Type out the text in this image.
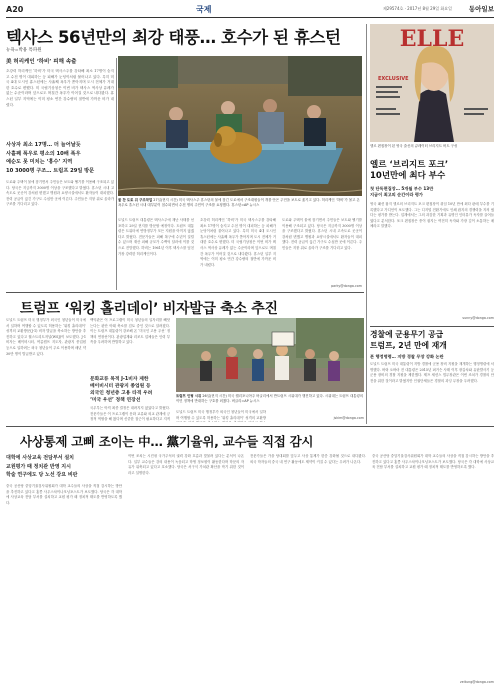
A20	국제	제29574호 · 2017년 8월 29일 화요일	동아일보
텍사스 56년만의 최강 태풍… 호수가 된 휴스턴
뉴욕=박용 특파원
美 허리케인 ‘하비’ 피해 속출
초강력 허리케인 ‘하비’가 미국 텍사스주를 강타해 최소 17명이 숨지고 수천 명이 대피하는 등 피해가 눈덩이처럼 불어나고 있다. 특히 미국 4대 도시인 휴스턴에는 사흘째 폭우가 쏟아지며 도시 전체가 거대한 호수로 변했다. 미 국립기상청은 이번 비가 텍사스 역사상 유례가 없는 수준이라며 앞으로도 며칠간 폭우가 이어질 것으로 내다봤다. 휴스턴 일부 지역에는 이미 평소 연간 강수량의 절반에 가까운 비가 내렸다.
사상자 최소 17명… 더 늘어날듯
사흘째 폭우로 평소의 10배 폭우
예순도 못 미치는 ‘홍수’ 지역
10 3000명 구조… 트럼프 29일 방문
도로와 주택이 물에 잠기면서 주민들은 보트와 헬기를 이용해 구조되고 있다. 당국은 지금까지 3000명 이상을 구조했다고 밝혔다. 휴스턴 시내 고속도로 곳곳이 강처럼 변했고 병원과 요양시설에서도 환자들이 대피했다. 전력 공급이 끊긴 가구도 수십만 곳에 이른다. 주민들은 지붕 위로 올라가 구조를 기다리고 있다.
물 찬 도로 위 구조작업 27일(현지 시간) 미국 텍사스주 휴스턴의 물에 잠긴 도로에서 구조대원들이 개를 안은 주민을 보트로 옮기고 있다. 허리케인 ‘하비’가 몰고 온 폭우로 휴스턴 시내 대부분이 침수되면서 수천 명의 주민이 구조를 요청했다. 휴스턴=AP 뉴시스
도널드 트럼프 대통령은 텍사스주에 재난 사태를 선포하고 29일 현지를 방문할 예정이다. 트럼프 대통령은 트위터에 연방정부가 모든 지원을 아끼지 않겠다고 밝혔다. 전문가들은 피해 복구에 수년이 걸릴 수 있으며 재산 피해 규모가 수백억 달러에 이를 것으로 전망했다. 하비는 1961년 이후 텍사스를 덮친 가장 강력한 허리케인이다.
초강력 허리케인 ‘하비’가 미국 텍사스주를 강타해 최소 17명이 숨지고 수천 명이 대피하는 등 피해가 눈덩이처럼 불어나고 있다. 특히 미국 4대 도시인 휴스턴에는 사흘째 폭우가 쏟아지며 도시 전체가 거대한 호수로 변했다. 미 국립기상청은 이번 비가 텍사스 역사상 유례가 없는 수준이라며 앞으로도 며칠간 폭우가 이어질 것으로 내다봤다. 휴스턴 일부 지역에는 이미 평소 연간 강수량의 절반에 가까운 비가 내렸다.
도로와 주택이 물에 잠기면서 주민들은 보트와 헬기를 이용해 구조되고 있다. 당국은 지금까지 3000명 이상을 구조했다고 밝혔다. 휴스턴 시내 고속도로 곳곳이 강처럼 변했고 병원과 요양시설에서도 환자들이 대피했다. 전력 공급이 끊긴 가구도 수십만 곳에 이른다. 주민들은 지붕 위로 올라가 구조를 기다리고 있다.
parky@donga.com
ELLE
EXCLUSIVE
엘르 편집장이 된 영국 출신의 큐레이터 브리지트 버트 구성
엘르 ‘브리지트 포크’
10년만에 최다 부수
첫 단독편집장… 5개월 부수 13만
지금이 최고의 순간이라 평가
영국 패션 잡지 엘르의 브리지트 포크 편집장이 취임 10년 만에 최다 판매 부수를 기록했다고 가디언이 보도했다. 그는 디지털 전환기에도 인쇄 잡지의 경쟁력을 지켜 냈다는 평가를 받는다. 업계에서는 그의 과감한 기획과 유명인 인터뷰가 독자를 끌어들였다고 분석한다. 포크 편집장은 종이 잡지는 여전히 독자와 가장 깊이 소통하는 매체라고 말했다.
sunny@donga.com
경찰에 군용무기 공급
트럼프, 2년 만에 재개
폰 행정명령… 지방 경찰 무장 강화 논란
도널드 트럼프 미국 대통령이 지방 경찰에 군용 장비 지원을 재개하는 행정명령에 서명했다. 버락 오바마 전 대통령은 2015년 퍼거슨 사태 이후 장갑차와 유탄발사기 등 군용 장비의 경찰 지원을 제한했다. 제프 세션스 법무장관은 이번 조치가 경찰의 안전을 위한 것이라고 밝혔지만 인권단체들은 경찰의 과잉 무장을 우려했다.
트럼프 ‘워킹 홀리데이’ 비자발급 축소 추진
도널드 트럼프 미국 행정부가 외국인 청년들이 미국에서 일하며 여행할 수 있도록 허용하는 ‘워킹 홀리데이’ 성격의 교환방문(J-1) 비자 발급을 축소하는 방안을 추진하고 있다고 월스트리트저널(WSJ)이 보도했다. J-1 비자는 베이비시터, 여름캠프 지도자, 관광지 종업원 등으로 일하려는 외국 청년들이 주로 이용하며 매년 약 30만 명이 발급받고 있다.
백악관은 이 프로그램이 미국 청년들의 일자리를 빼앗는다는 판단 아래 축소를 검토 중인 것으로 알려졌다. 이는 트럼프 대통령이 강조해 온 ‘미국인 고용 우선’ 정책의 연장선이다. 관광업계와 리조트 업체들은 인력 부족을 우려하며 반발하고 있다.
문화교류 목적 J-1비자 제한
베이비시터 관광지 종업원 등
외국인 청년층 고용 타격 우려
‘미국 우선’ 정책 연장선
국무부는 아직 최종 결정은 내려지지 않았다고 밝혔다. 전문가들은 이 프로그램이 문화 교류와 외교 관계에 긍정적 역할을 해 왔다며 신중한 접근이 필요하다고 지적
트럼프 인형 시위 26일(현지 시간) 미국 캘리포니아주 버클리에서 반트럼프 시위대가 행진하고 있다. 시위대는 트럼프 대통령의 이민 정책에 반대하는 구호를 외쳤다. 버클리=AP 뉴시스
도널드 트럼프 미국 행정부가 외국인 청년들이 미국에서 일하며 여행할 수 있도록 허용하는 ‘워킹 홀리데이’ 성격의 교환방	jskim@donga.com
사상통제 고삐 조이는 中… 黨기율위, 교수들 직접 감시
대학에 사상교육 전담부서 설치
교원평가 때 정치관 반영 지시
학술 연구에도 당 노선 강요 비판
중국 공산당 중앙기율검사위원회가 대학 교수들의 사상을 직접 감시하는 방안을 추진하고 있다고 홍콩 사우스차이나모닝포스트가 보도했다. 당국은 각 대학에 사상교육 전담 부서를 설치하고 교원 평가 때 정치적 태도를 반영하도록 했다.
이번 조치는 시진핑 국가주석의 권력 강화 흐름과 맞물려 있다는 분석이 나온다. 일부 교수들은 강의 내용이 녹음되고 학생 정보원이 활동한다며 학문의 자유가 위축되고 있다고 호소했다. 당국은 서구식 가치관 확산을 막기 위한 것이라고 설명한다.
전문가들은 가을 당대회를 앞두고 사상 통제가 한층 강화될 것으로 내다봤다. 외국 학자들의 중국 내 연구 활동에도 제약이 커질 수 있다는 우려가 나온다.
중국 공산당 중앙기율검사위원회가 대학 교수들의 사상을 직접 감시하는 방안을 추진하고 있다고 홍콩 사우스차이나모닝포스트가 보도했다. 당국은 각 대학에 사상교육 전담 부서를 설치하고 교원 평가 때 정치적 태도를 반영하도록 했다.
zeitung@donga.com
